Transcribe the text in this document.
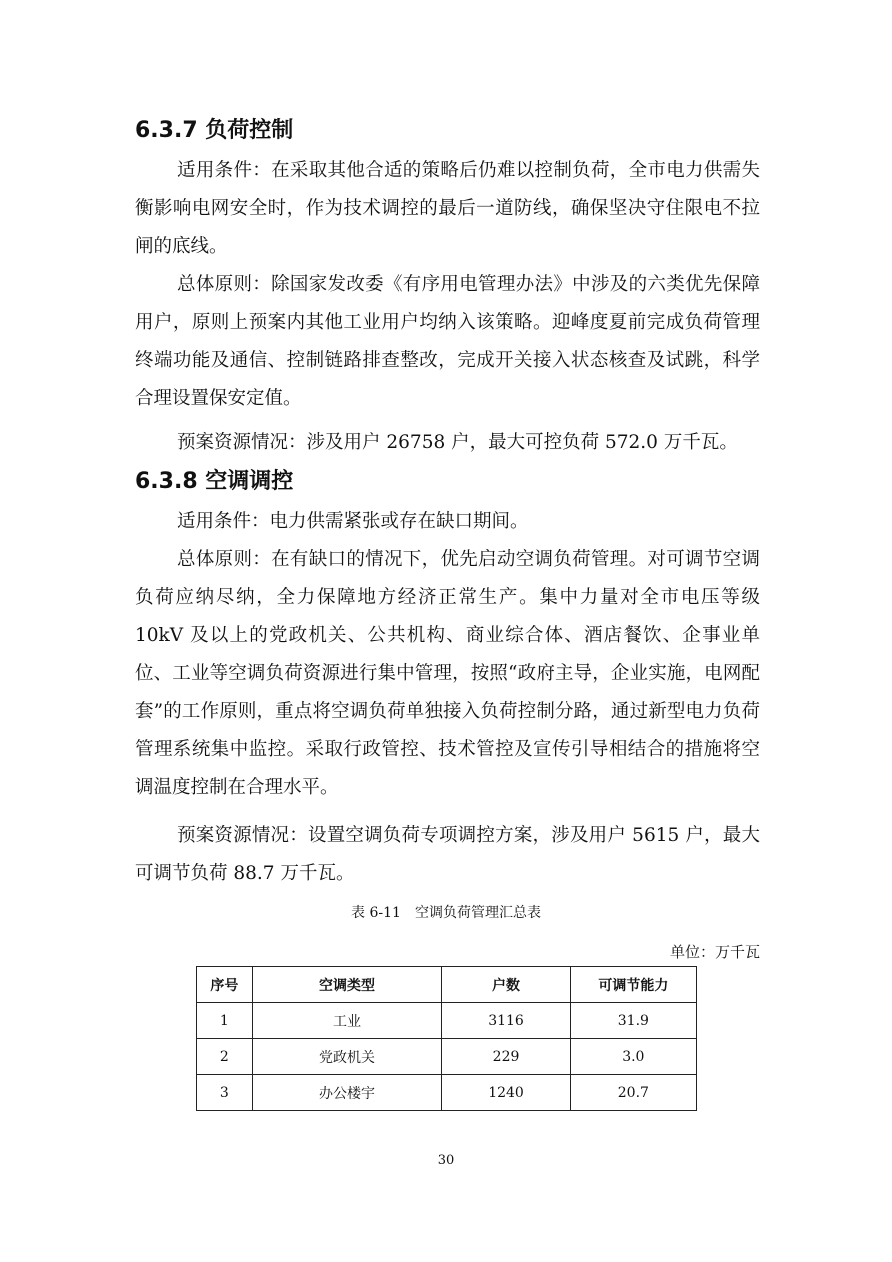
6.3.7 负荷控制
适用条件：在采取其他合适的策略后仍难以控制负荷，全市电力供需失衡影响电网安全时，作为技术调控的最后一道防线，确保坚决守住限电不拉闸的底线。
总体原则：除国家发改委《有序用电管理办法》中涉及的六类优先保障用户，原则上预案内其他工业用户均纳入该策略。迎峰度夏前完成负荷管理终端功能及通信、控制链路排查整改，完成开关接入状态核查及试跳，科学合理设置保安定值。
预案资源情况：涉及用户 26758 户，最大可控负荷 572.0 万千瓦。
6.3.8 空调调控
适用条件：电力供需紧张或存在缺口期间。
总体原则：在有缺口的情况下，优先启动空调负荷管理。对可调节空调负荷应纳尽纳，全力保障地方经济正常生产。集中力量对全市电压等级 10kV 及以上的党政机关、公共机构、商业综合体、酒店餐饮、企事业单位、工业等空调负荷资源进行集中管理，按照“政府主导，企业实施，电网配套”的工作原则，重点将空调负荷单独接入负荷控制分路，通过新型电力负荷管理系统集中监控。采取行政管控、技术管控及宣传引导相结合的措施将空调温度控制在合理水平。
预案资源情况：设置空调负荷专项调控方案，涉及用户 5615 户，最大可调节负荷 88.7 万千瓦。
表 6-11　空调负荷管理汇总表
单位：万千瓦
序号	空调类型	户数	可调节能力
1	工业	3116	31.9
2	党政机关	229	3.0
3	办公楼宇	1240	20.7
30
